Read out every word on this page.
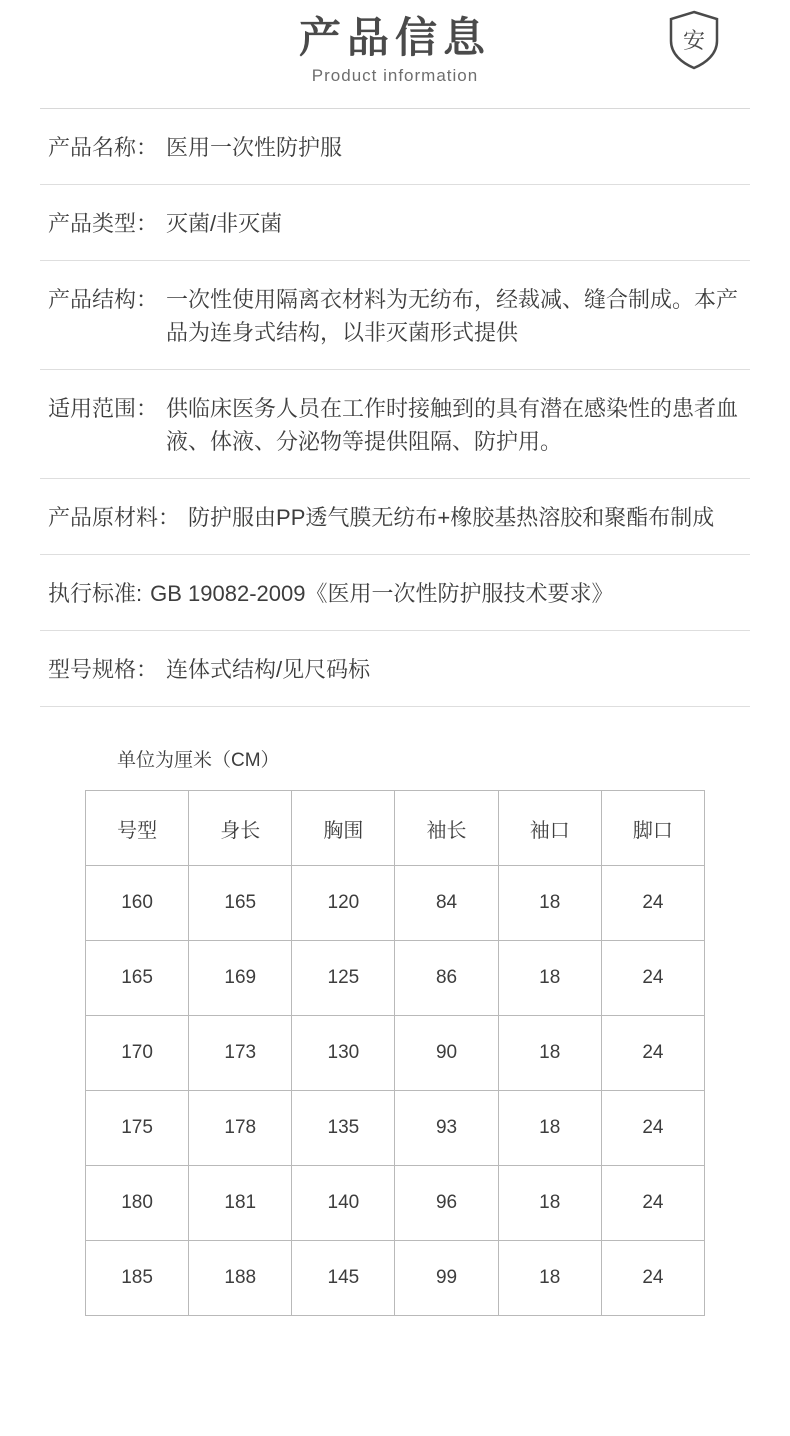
产品信息
Product information
安
产品名称： 医用一次性防护服
产品类型： 灭菌/非灭菌
产品结构： 一次性使用隔离衣材料为无纺布，经裁减、缝合制成。本产品为连身式结构，以非灭菌形式提供
适用范围： 供临床医务人员在工作时接触到的具有潜在感染性的患者血液、体液、分泌物等提供阻隔、防护用。
产品原材料： 防护服由PP透气膜无纺布+橡胶基热溶胶和聚酯布制成
执行标准: GB 19082-2009《医用一次性防护服技术要求》
型号规格： 连体式结构/见尺码标
单位为厘米（CM）
号型	身长	胸围	袖长	袖口	脚口
160	165	120	84	18	24
165	169	125	86	18	24
170	173	130	90	18	24
175	178	135	93	18	24
180	181	140	96	18	24
185	188	145	99	18	24
